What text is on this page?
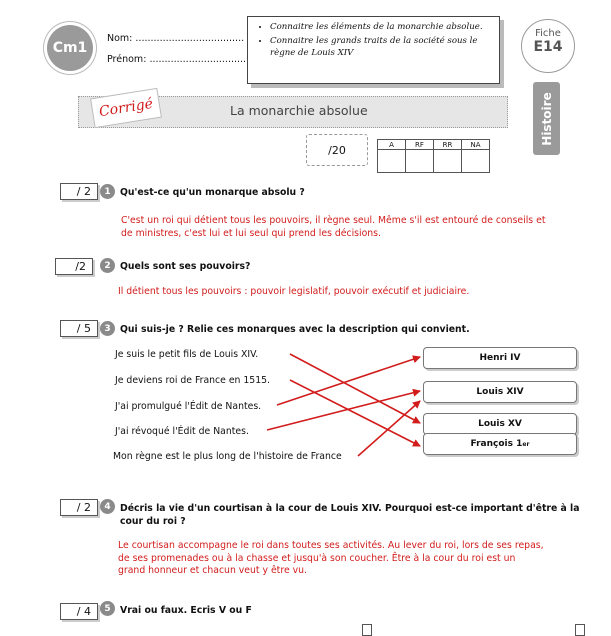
Cm1
Nom: ....................................
Prénom: ................................
• Connaitre les éléments de la monarchie absolue.
• Connaitre les grands traits de la société sous le règne de Louis XIV
Fiche
E14
Histoire
Corrigé	La monarchie absolue
/20	A	RF	RR	NA

/ 2	1	Qu'est-ce qu'un monarque absolu ?
C'est un roi qui détient tous les pouvoirs, il règne seul. Même s'il est entouré de conseils et
de ministres, c'est lui et lui seul qui prend les décisions.
/2	2	Quels sont ses pouvoirs?
Il détient tous les pouvoirs : pouvoir legislatif, pouvoir exécutif et judiciaire.
/ 5	3	Qui suis-je ? Relie ces monarques avec la description qui convient.
Je suis le petit fils de Louis XIV.
Je deviens roi de France en 1515.
J'ai promulgué l'Édit de Nantes.
J'ai révoqué l'Édit de Nantes.
Mon règne est le plus long de l'histoire de France
Henri IV
Louis XIV
Louis XV
François 1 er
/ 2	4	Décris la vie d'un courtisan à la cour de Louis XIV. Pourquoi est-ce important d'être à la
cour du roi ?
Le courtisan accompagne le roi dans toutes ses activités. Au lever du roi, lors de ses repas,
de ses promenades ou à la chasse et jusqu'à son coucher. Être à la cour du roi est un
grand honneur et chacun veut y être vu.
/ 4	5	Vrai ou faux. Ecris V ou F
